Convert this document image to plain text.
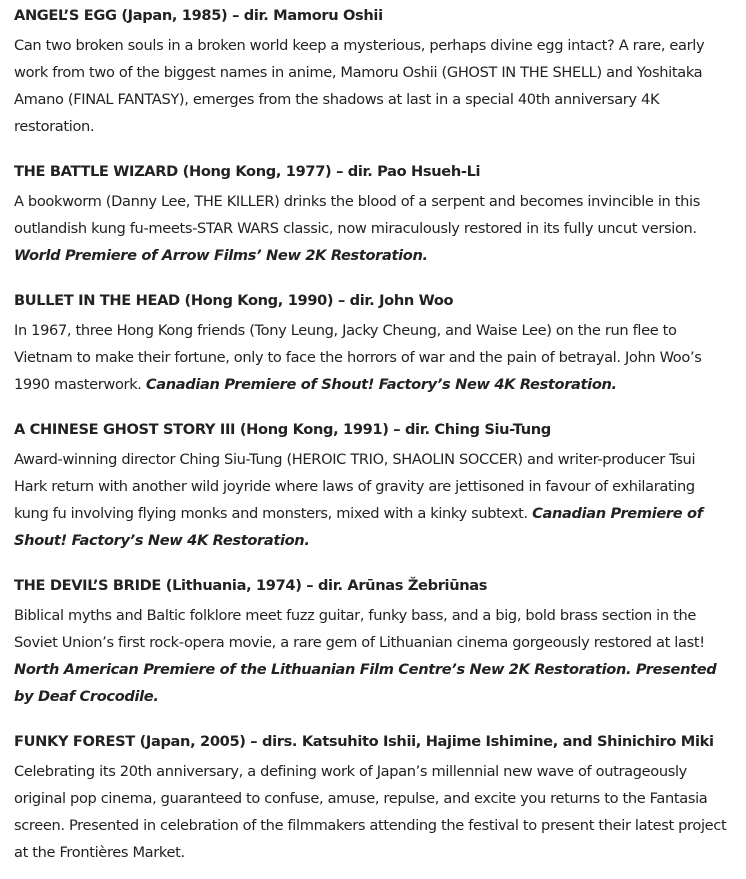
ANGEL’S EGG (Japan, 1985) – dir. Mamoru Oshii

Can two broken souls in a broken world keep a mysterious, perhaps divine egg intact? A rare, early work from two of the biggest names in anime, Mamoru Oshii (GHOST IN THE SHELL) and Yoshitaka Amano (FINAL FANTASY), emerges from the shadows at last in a special 40th anniversary 4K restoration.

THE BATTLE WIZARD (Hong Kong, 1977) – dir. Pao Hsueh-Li

A bookworm (Danny Lee, THE KILLER) drinks the blood of a serpent and becomes invincible in this outlandish kung fu-meets-STAR WARS classic, now miraculously restored in its fully uncut version. World Premiere of Arrow Films’ New 2K Restoration.

BULLET IN THE HEAD (Hong Kong, 1990) – dir. John Woo

In 1967, three Hong Kong friends (Tony Leung, Jacky Cheung, and Waise Lee) on the run flee to Vietnam to make their fortune, only to face the horrors of war and the pain of betrayal. John Woo’s 1990 masterwork. Canadian Premiere of Shout! Factory’s New 4K Restoration.

A CHINESE GHOST STORY III (Hong Kong, 1991) – dir. Ching Siu-Tung

Award-winning director Ching Siu-Tung (HEROIC TRIO, SHAOLIN SOCCER) and writer-producer Tsui Hark return with another wild joyride where laws of gravity are jettisoned in favour of exhilarating kung fu involving flying monks and monsters, mixed with a kinky subtext. Canadian Premiere of Shout! Factory’s New 4K Restoration.

THE DEVIL’S BRIDE (Lithuania, 1974) – dir. Arūnas Žebriūnas

Biblical myths and Baltic folklore meet fuzz guitar, funky bass, and a big, bold brass section in the Soviet Union’s first rock-opera movie, a rare gem of Lithuanian cinema gorgeously restored at last! North American Premiere of the Lithuanian Film Centre’s New 2K Restoration. Presented by Deaf Crocodile.

FUNKY FOREST (Japan, 2005) – dirs. Katsuhito Ishii, Hajime Ishimine, and Shinichiro Miki

Celebrating its 20th anniversary, a defining work of Japan’s millennial new wave of outrageously original pop cinema, guaranteed to confuse, amuse, repulse, and excite you returns to the Fantasia screen. Presented in celebration of the filmmakers attending the festival to present their latest project at the Frontières Market.
